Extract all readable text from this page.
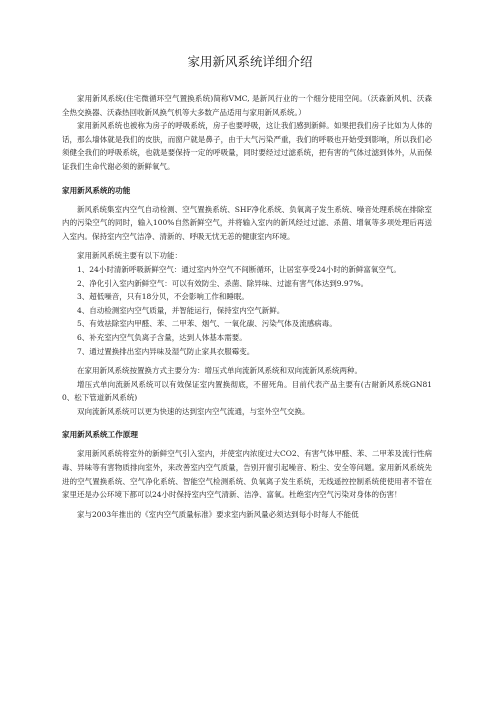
家用新风系统详细介绍

家用新风系统(住宅微循环空气置换系统)简称VMC, 是新风行业的一个细分使用空间。（沃森新风机、沃森全热交换器、沃森热回收新风换气机等大多数产品适用与家用新风系统。）

家用新风系统也被称为房子的呼吸系统，房子也要呼吸，这让我们感到新鲜。如果把我们房子比如为人体的话，那么墙体就是我们的皮肤，而窗户就是鼻子，由于大气污染严重，我们的呼吸也开始受到影响，所以我们必须健全我们的呼吸系统，也就是要保持一定的呼吸量，同时要经过过滤系统，把有害的气体过滤到体外，从而保证我们生命代谢必须的新鲜氧气。

家用新风系统的功能

新风系统集室内空气自动检测、空气置换系统、SHF净化系统、负氧离子发生系统、噪音处理系统在排除室内的污染空气的同时，输入100%自然新鲜空气，并将输入室内的新风经过过滤、杀菌、增氧等多项处理后再送入室内。保持室内空气洁净、清新的、呼吸无忧无恙的健康室内环境。

家用新风系统主要有以下功能：

1、24小时清新呼吸新鲜空气：通过室内外空气不间断循环，让居室享受24小时的新鲜富氧空气。

2、净化引入室内新鲜空气：可以有效防尘、杀菌、除异味、过滤有害气体达到9.97%。

3、超低噪音，只有18分贝，不会影响工作和睡眠。

4、自动检测室内空气质量，并智能运行，保持室内空气新鲜。

5、有效祛除室内甲醛、苯、二甲苯、烟气、一氧化碳、污染气体及流感病毒。

6、补充室内空气负离子含量，达到人体基本需要。

7、通过置换排出室内异味及湿气防止家具衣服霉变。

在家用新风系统按置换方式主要分为：增压式单向流新风系统和双向流新风系统两种。

增压式单向流新风系统可以有效保证室内置换彻底，不留死角。目前代表产品主要有(古耐新风系统GN810、松下管道新风系统)

双向流新风系统可以更为快速的达到室内空气流通，与室外空气交换。

家用新风系统工作原理

家用新风系统将室外的新鲜空气引入室内，并使室内浓度过大CO2、有害气体甲醛、苯、二甲苯及流行性病毒、异味等有害物质排向室外，来改善室内空气质量，告别开窗引起噪音、粉尘、安全等问题。家用新风系统先进的空气置换系统、空气净化系统、智能空气检测系统、负氧离子发生系统，无线遥控控制系统使使用者不管在家里还是办公环境下都可以24小时保持室内空气清新、洁净、富氧。杜绝室内空气污染对身体的伤害！

家与2003年推出的《室内空气质量标准》要求室内新风量必须达到每小时每人不能低
